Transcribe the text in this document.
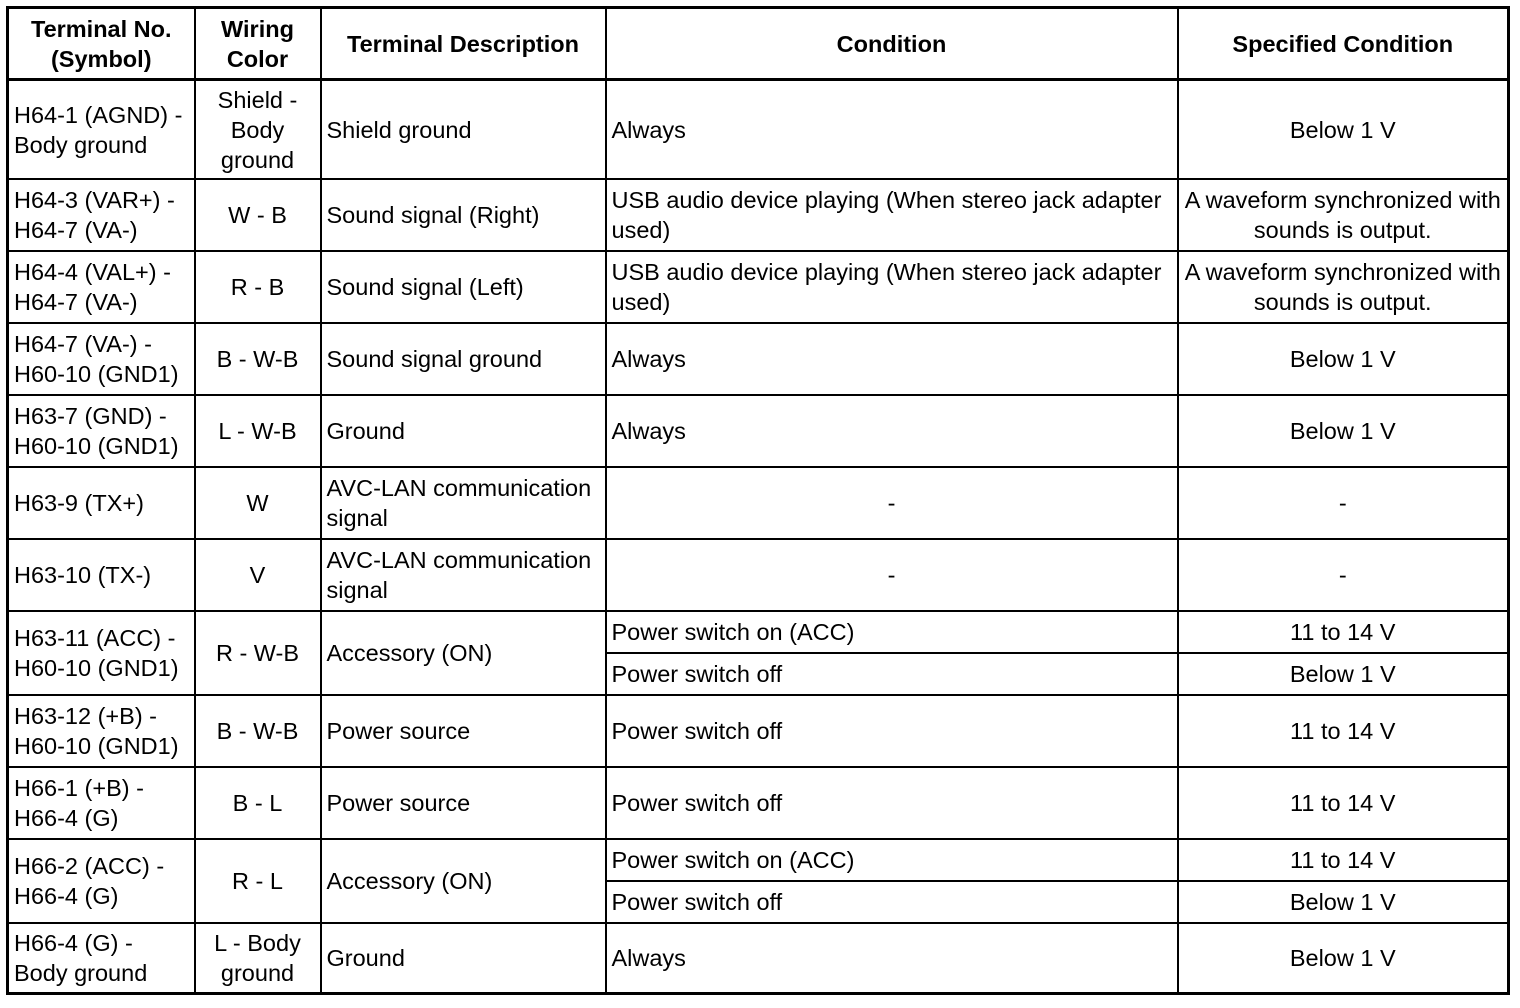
Terminal No. (Symbol)	Wiring Color	Terminal Description	Condition	Specified Condition
H64-1 (AGND) - Body ground	Shield - Body ground	Shield ground	Always	Below 1 V
H64-3 (VAR+) - H64-7 (VA-)	W - B	Sound signal (Right)	USB audio device playing (When stereo jack adapter used)	A waveform synchronized with sounds is output.
H64-4 (VAL+) - H64-7 (VA-)	R - B	Sound signal (Left)	USB audio device playing (When stereo jack adapter used)	A waveform synchronized with sounds is output.
H64-7 (VA-) - H60-10 (GND1)	B - W-B	Sound signal ground	Always	Below 1 V
H63-7 (GND) - H60-10 (GND1)	L - W-B	Ground	Always	Below 1 V
H63-9 (TX+)	W	AVC-LAN communication signal	-	-
H63-10 (TX-)	V	AVC-LAN communication signal	-	-
H63-11 (ACC) - H60-10 (GND1)	R - W-B	Accessory (ON)	Power switch on (ACC)	11 to 14 V
			Power switch off	Below 1 V
H63-12 (+B) - H60-10 (GND1)	B - W-B	Power source	Power switch off	11 to 14 V
H66-1 (+B) - H66-4 (G)	B - L	Power source	Power switch off	11 to 14 V
H66-2 (ACC) - H66-4 (G)	R - L	Accessory (ON)	Power switch on (ACC)	11 to 14 V
			Power switch off	Below 1 V
H66-4 (G) - Body ground	L - Body ground	Ground	Always	Below 1 V
